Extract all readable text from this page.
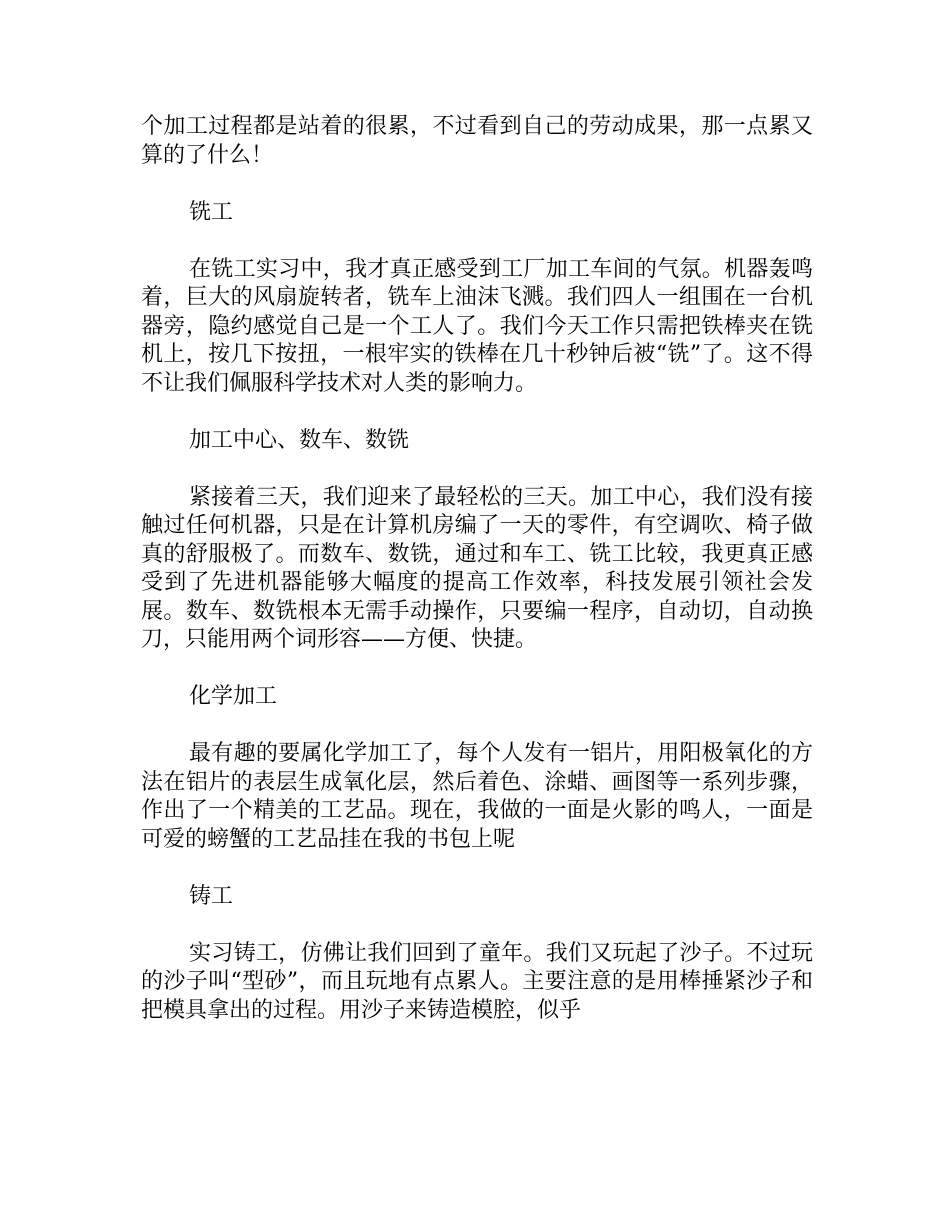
个加工过程都是站着的很累，不过看到自己的劳动成果，那一点累又算的了什么！

铣工

在铣工实习中，我才真正感受到工厂加工车间的气氛。机器轰鸣着，巨大的风扇旋转者，铣车上油沫飞溅。我们四人一组围在一台机器旁，隐约感觉自己是一个工人了。我们今天工作只需把铁棒夹在铣机上，按几下按扭，一根牢实的铁棒在几十秒钟后被“铣”了。这不得不让我们佩服科学技术对人类的影响力。

加工中心、数车、数铣

紧接着三天，我们迎来了最轻松的三天。加工中心，我们没有接触过任何机器，只是在计算机房编了一天的零件，有空调吹、椅子做真的舒服极了。而数车、数铣，通过和车工、铣工比较，我更真正感受到了先进机器能够大幅度的提高工作效率，科技发展引领社会发展。数车、数铣根本无需手动操作，只要编一程序，自动切，自动换刀，只能用两个词形容——方便、快捷。

化学加工

最有趣的要属化学加工了，每个人发有一铝片，用阳极氧化的方法在铝片的表层生成氧化层，然后着色、涂蜡、画图等一系列步骤，作出了一个精美的工艺品。现在，我做的一面是火影的鸣人，一面是可爱的螃蟹的工艺品挂在我的书包上呢

铸工

实习铸工，仿佛让我们回到了童年。我们又玩起了沙子。不过玩的沙子叫“型砂”，而且玩地有点累人。主要注意的是用棒捶紧沙子和把模具拿出的过程。用沙子来铸造模腔，似乎
